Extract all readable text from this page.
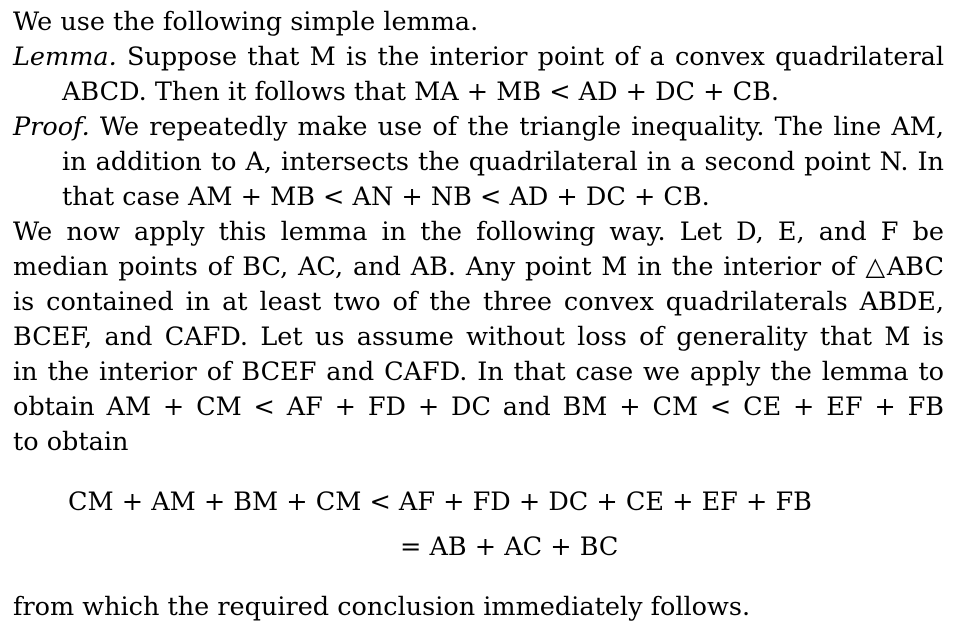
We use the following simple lemma.
Lemma. Suppose that M is the interior point of a convex quadrilateral
ABCD. Then it follows that MA + MB < AD + DC + CB.
Proof. We repeatedly make use of the triangle inequality. The line AM,
in addition to A, intersects the quadrilateral in a second point N. In
that case AM + MB < AN + NB < AD + DC + CB.
We now apply this lemma in the following way. Let D, E, and F be
median points of BC, AC, and AB. Any point M in the interior of △ABC
is contained in at least two of the three convex quadrilaterals ABDE,
BCEF, and CAFD. Let us assume without loss of generality that M is
in the interior of BCEF and CAFD. In that case we apply the lemma to
obtain AM + CM < AF + FD + DC and BM + CM < CE + EF + FB
to obtain
CM + AM + BM + CM < AF + FD + DC + CE + EF + FB
= AB + AC + BC
from which the required conclusion immediately follows.
